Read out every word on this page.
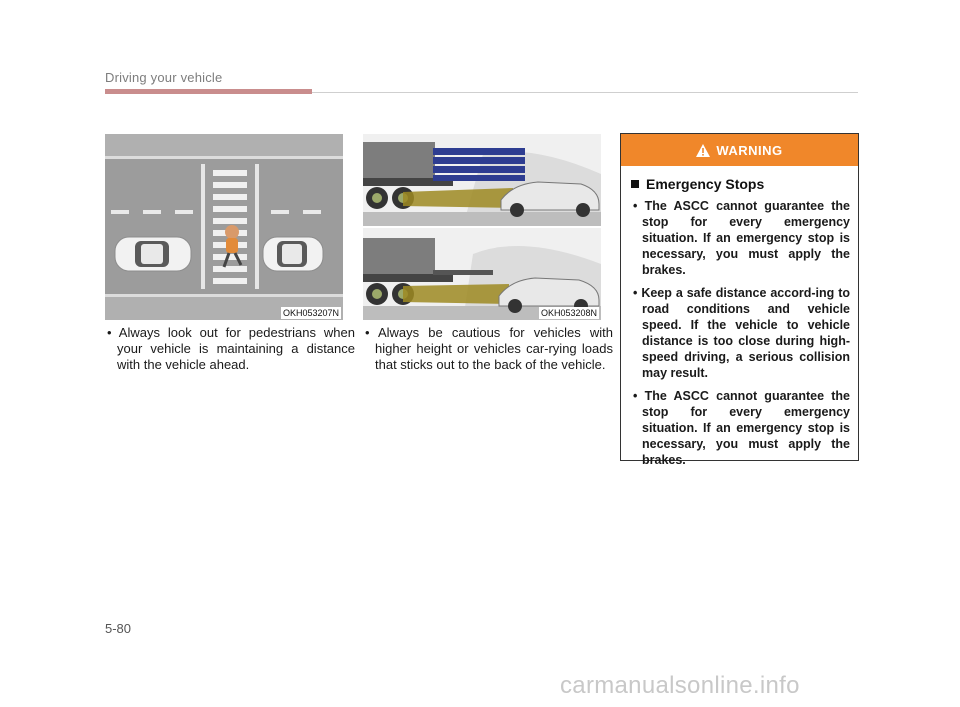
Driving your vehicle
OKH053207N	OKH053208N
• Always look out for pedestrians when your vehicle is maintaining a distance with the vehicle ahead.
• Always be cautious for vehicles with higher height or vehicles car-rying loads that sticks out to the back of the vehicle.
WARNING
Emergency Stops
• The ASCC cannot guarantee the stop for every emergency situation. If an emergency stop is necessary, you must apply the brakes.
• Keep a safe distance accord-ing to road conditions and vehicle speed. If the vehicle to vehicle distance is too close during high-speed driving, a serious collision may result.
• The ASCC cannot guarantee the stop for every emergency situation. If an emergency stop is necessary, you must apply the brakes.
5-80
carmanualsonline.info
